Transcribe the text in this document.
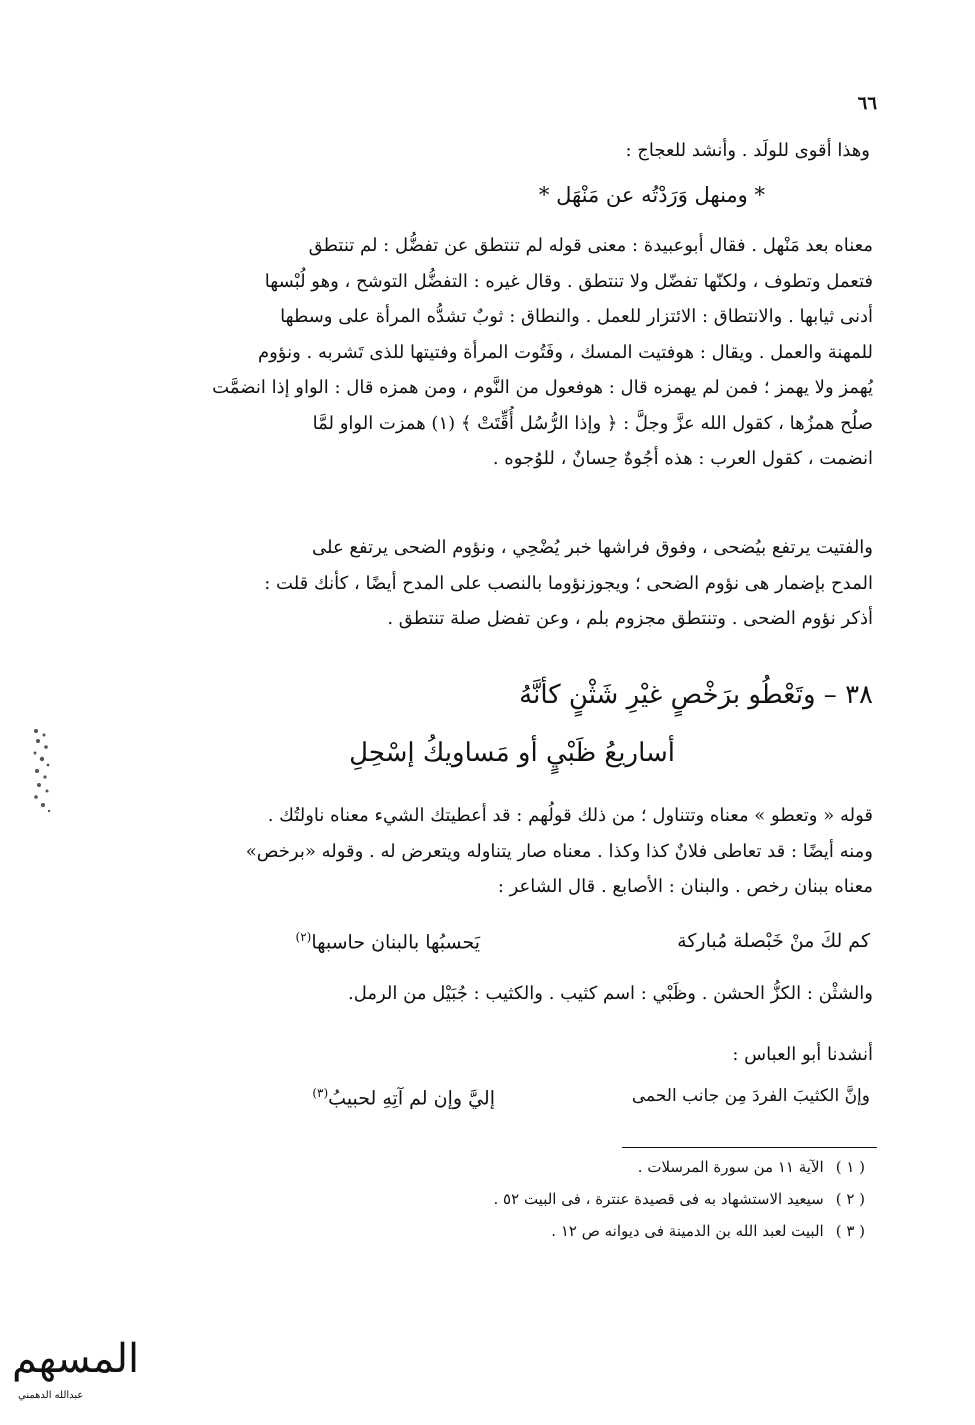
٦٦
وهذا أقوى للولَد . وأنشد للعجاج :
* ومنهل وَرَدْتُه عن مَنْهَل *
معناه بعد مَنْهل . فقال أبوعبيدة : معنى قوله لم تنتطق عن تفضُّل : لم تنتطق
فتعمل وتطوف ، ولكنّها تفضّل ولا تنتطق . وقال غيره : التفضُّل التوشح ، وهو لُبْسها
أدنى ثيابها . والانتطاق : الائتزار للعمل . والنطاق : ثوبٌ تشدُّه المرأة على وسطها
للمهنة والعمل . ويقال : هوفتيت المسك ، وفَتُوت المرأة وفتيتها للذى تَشربه . ونؤوم
يُهمز ولا يهمز ؛ فمن لم يهمزه قال : هوفعول من النَّوم ، ومن همزه قال : الواو إذا انضمَّت
صلُح همزُها ، كقول الله عزَّ وجلَّ : ﴿ وإذا الرُّسُل أُقِّتَتْ ﴾ (١) همزت الواو لمَّا
انضمت ، كقول العرب : هذه أجُوهٌ حِسانٌ ، للوُجوه .
والفتيت يرتفع بيُضحى ، وفوق فراشها خبر يُضْحِي ، ونؤوم الضحى يرتفع على
المدح بإضمار هى نؤوم الضحى ؛ ويجوزنؤوما بالنصب على المدح أيضًا ، كأنك قلت :
أذكر نؤوم الضحى . وتنتطق مجزوم بلم ، وعن تفضل صلة تنتطق .
٣٨ – وتَعْطُو برَخْصٍ غيْرِ شَثْنٍ كأنَّهُ
أساريعُ ظَبْيٍ أو مَساويكُ إسْحِلِ
قوله « وتعطو » معناه وتتناول ؛ من ذلك قولُهم : قد أعطيتك الشيء معناه ناولتُك .
ومنه أيضًا : قد تعاطى فلانٌ كذا وكذا . معناه صار يتناوله ويتعرض له . وقوله «برخص»
معناه ببنان رخص . والبنان : الأصابع . قال الشاعر :
كم لكَ منْ خَبْصلة مُباركة
يَحسبُها بالبنان حاسبها$^{(٢)}$
والشثْن : الكزُّ الحشن . وظَبْي : اسم كثيب . والكثيب : جُبَيْل من الرمل.
أنشدنا أبو العباس :
وإنَّ الكثيبَ الفردَ مِن جانب الحمى
إليَّ وإن لم آتِهِ لحبيبُ$^{(٣)}$
( ١ )الآية ١١ من سورة المرسلات .
( ٢ )سيعيد الاستشهاد به فى قصيدة عنترة ، فى البيت ٥٢ .
( ٣ )البيت لعبد الله بن الدمينة فى ديوانه ص ١٢ .
المسهم
عبدالله الدهمني
